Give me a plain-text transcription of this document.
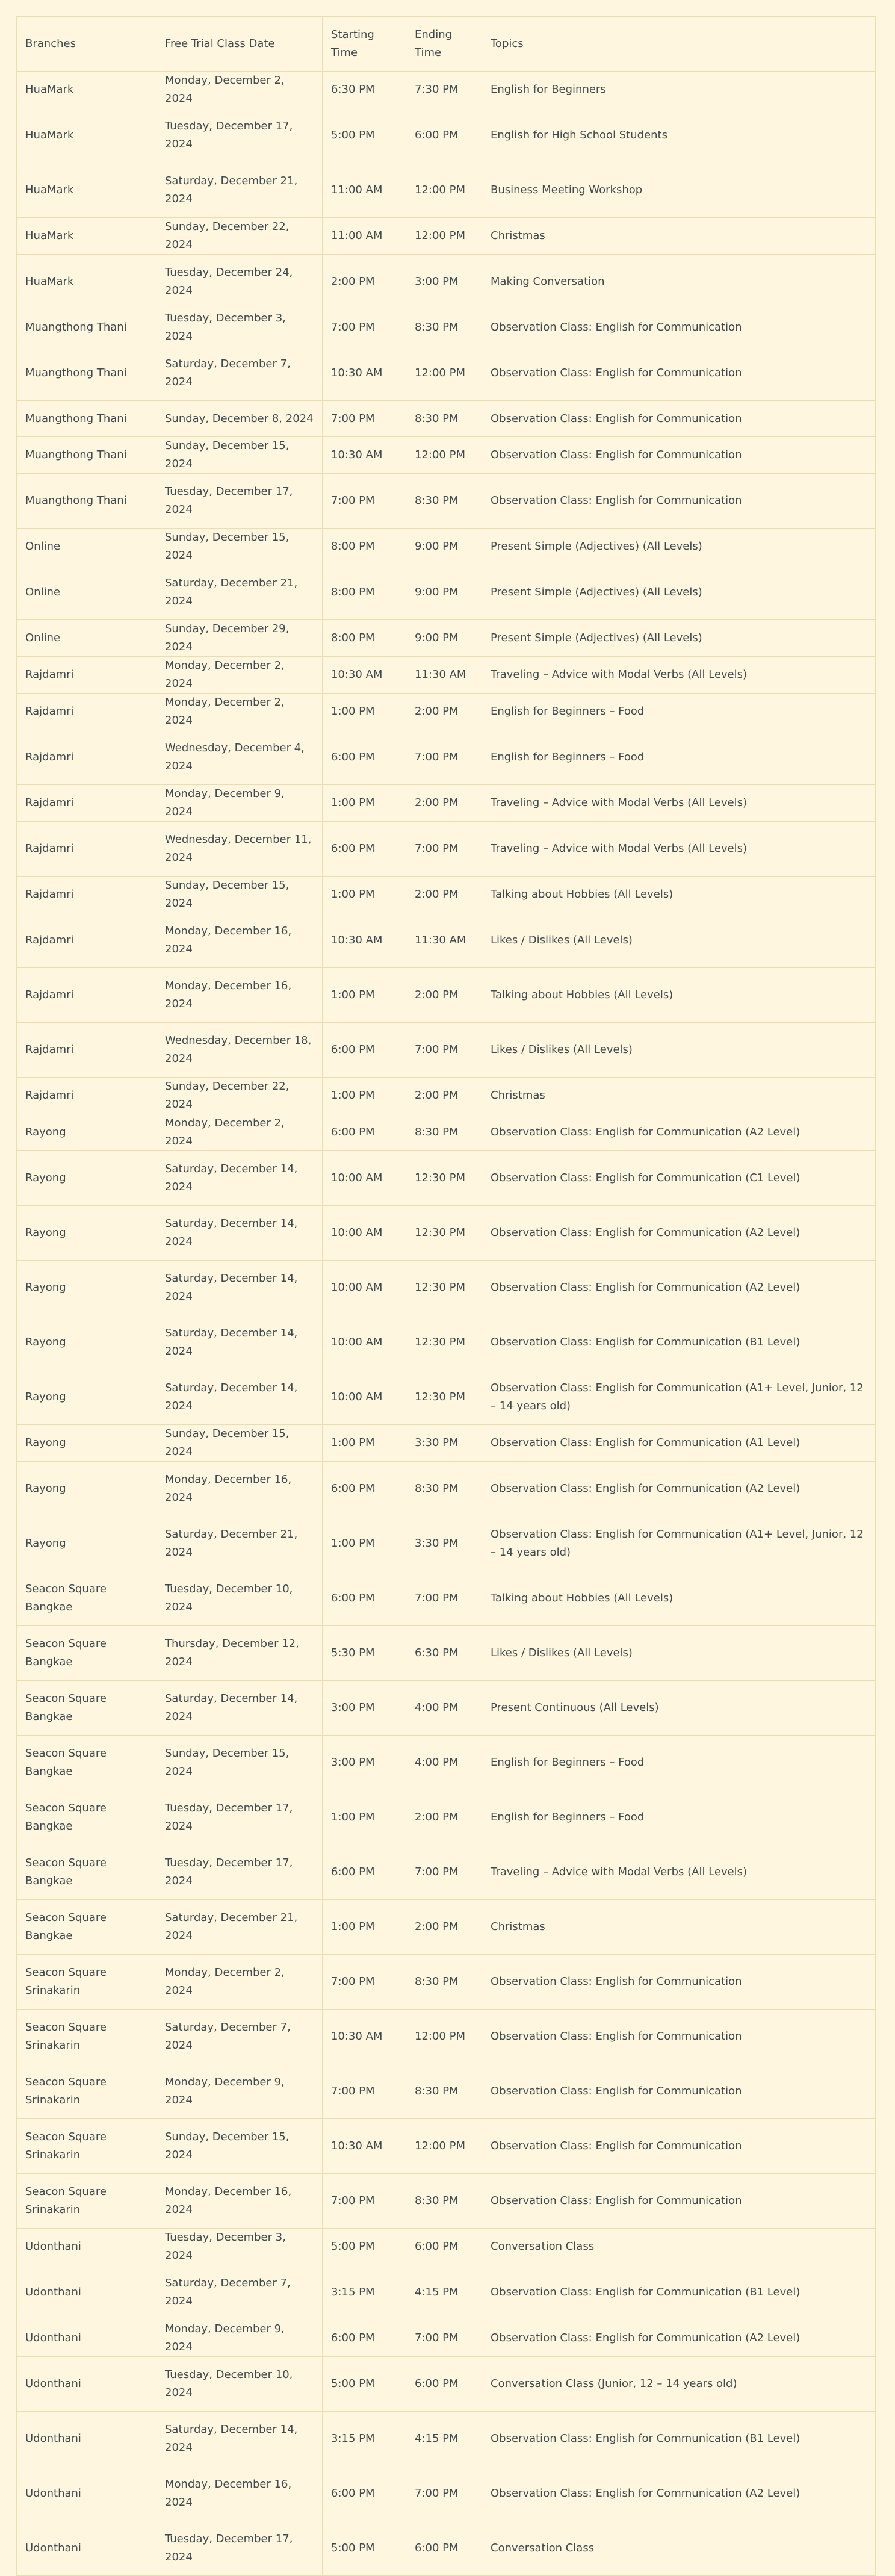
Branches	Free Trial Class Date	Starting Time	Ending Time	Topics
HuaMark	Monday, December 2, 2024	6:30 PM	7:30 PM	English for Beginners
HuaMark	Tuesday, December 17, 2024	5:00 PM	6:00 PM	English for High School Students
HuaMark	Saturday, December 21, 2024	11:00 AM	12:00 PM	Business Meeting Workshop
HuaMark	Sunday, December 22, 2024	11:00 AM	12:00 PM	Christmas
HuaMark	Tuesday, December 24, 2024	2:00 PM	3:00 PM	Making Conversation
Muangthong Thani	Tuesday, December 3, 2024	7:00 PM	8:30 PM	Observation Class: English for Communication
Muangthong Thani	Saturday, December 7, 2024	10:30 AM	12:00 PM	Observation Class: English for Communication
Muangthong Thani	Sunday, December 8, 2024	7:00 PM	8:30 PM	Observation Class: English for Communication
Muangthong Thani	Sunday, December 15, 2024	10:30 AM	12:00 PM	Observation Class: English for Communication
Muangthong Thani	Tuesday, December 17, 2024	7:00 PM	8:30 PM	Observation Class: English for Communication
Online	Sunday, December 15, 2024	8:00 PM	9:00 PM	Present Simple (Adjectives) (All Levels)
Online	Saturday, December 21, 2024	8:00 PM	9:00 PM	Present Simple (Adjectives) (All Levels)
Online	Sunday, December 29, 2024	8:00 PM	9:00 PM	Present Simple (Adjectives) (All Levels)
Rajdamri	Monday, December 2, 2024	10:30 AM	11:30 AM	Traveling – Advice with Modal Verbs (All Levels)
Rajdamri	Monday, December 2, 2024	1:00 PM	2:00 PM	English for Beginners – Food
Rajdamri	Wednesday, December 4, 2024	6:00 PM	7:00 PM	English for Beginners – Food
Rajdamri	Monday, December 9, 2024	1:00 PM	2:00 PM	Traveling – Advice with Modal Verbs (All Levels)
Rajdamri	Wednesday, December 11, 2024	6:00 PM	7:00 PM	Traveling – Advice with Modal Verbs (All Levels)
Rajdamri	Sunday, December 15, 2024	1:00 PM	2:00 PM	Talking about Hobbies (All Levels)
Rajdamri	Monday, December 16, 2024	10:30 AM	11:30 AM	Likes / Dislikes (All Levels)
Rajdamri	Monday, December 16, 2024	1:00 PM	2:00 PM	Talking about Hobbies (All Levels)
Rajdamri	Wednesday, December 18, 2024	6:00 PM	7:00 PM	Likes / Dislikes (All Levels)
Rajdamri	Sunday, December 22, 2024	1:00 PM	2:00 PM	Christmas
Rayong	Monday, December 2, 2024	6:00 PM	8:30 PM	Observation Class: English for Communication (A2 Level)
Rayong	Saturday, December 14, 2024	10:00 AM	12:30 PM	Observation Class: English for Communication (C1 Level)
Rayong	Saturday, December 14, 2024	10:00 AM	12:30 PM	Observation Class: English for Communication (A2 Level)
Rayong	Saturday, December 14, 2024	10:00 AM	12:30 PM	Observation Class: English for Communication (A2 Level)
Rayong	Saturday, December 14, 2024	10:00 AM	12:30 PM	Observation Class: English for Communication (B1 Level)
Rayong	Saturday, December 14, 2024	10:00 AM	12:30 PM	Observation Class: English for Communication (A1+ Level, Junior, 12 – 14 years old)
Rayong	Sunday, December 15, 2024	1:00 PM	3:30 PM	Observation Class: English for Communication (A1 Level)
Rayong	Monday, December 16, 2024	6:00 PM	8:30 PM	Observation Class: English for Communication (A2 Level)
Rayong	Saturday, December 21, 2024	1:00 PM	3:30 PM	Observation Class: English for Communication (A1+ Level, Junior, 12 – 14 years old)
Seacon Square Bangkae	Tuesday, December 10, 2024	6:00 PM	7:00 PM	Talking about Hobbies (All Levels)
Seacon Square Bangkae	Thursday, December 12, 2024	5:30 PM	6:30 PM	Likes / Dislikes (All Levels)
Seacon Square Bangkae	Saturday, December 14, 2024	3:00 PM	4:00 PM	Present Continuous (All Levels)
Seacon Square Bangkae	Sunday, December 15, 2024	3:00 PM	4:00 PM	English for Beginners – Food
Seacon Square Bangkae	Tuesday, December 17, 2024	1:00 PM	2:00 PM	English for Beginners – Food
Seacon Square Bangkae	Tuesday, December 17, 2024	6:00 PM	7:00 PM	Traveling – Advice with Modal Verbs (All Levels)
Seacon Square Bangkae	Saturday, December 21, 2024	1:00 PM	2:00 PM	Christmas
Seacon Square Srinakarin	Monday, December 2, 2024	7:00 PM	8:30 PM	Observation Class: English for Communication
Seacon Square Srinakarin	Saturday, December 7, 2024	10:30 AM	12:00 PM	Observation Class: English for Communication
Seacon Square Srinakarin	Monday, December 9, 2024	7:00 PM	8:30 PM	Observation Class: English for Communication
Seacon Square Srinakarin	Sunday, December 15, 2024	10:30 AM	12:00 PM	Observation Class: English for Communication
Seacon Square Srinakarin	Monday, December 16, 2024	7:00 PM	8:30 PM	Observation Class: English for Communication
Udonthani	Tuesday, December 3, 2024	5:00 PM	6:00 PM	Conversation Class
Udonthani	Saturday, December 7, 2024	3:15 PM	4:15 PM	Observation Class: English for Communication (B1 Level)
Udonthani	Monday, December 9, 2024	6:00 PM	7:00 PM	Observation Class: English for Communication (A2 Level)
Udonthani	Tuesday, December 10, 2024	5:00 PM	6:00 PM	Conversation Class (Junior, 12 – 14 years old)
Udonthani	Saturday, December 14, 2024	3:15 PM	4:15 PM	Observation Class: English for Communication (B1 Level)
Udonthani	Monday, December 16, 2024	6:00 PM	7:00 PM	Observation Class: English for Communication (A2 Level)
Udonthani	Tuesday, December 17, 2024	5:00 PM	6:00 PM	Conversation Class
